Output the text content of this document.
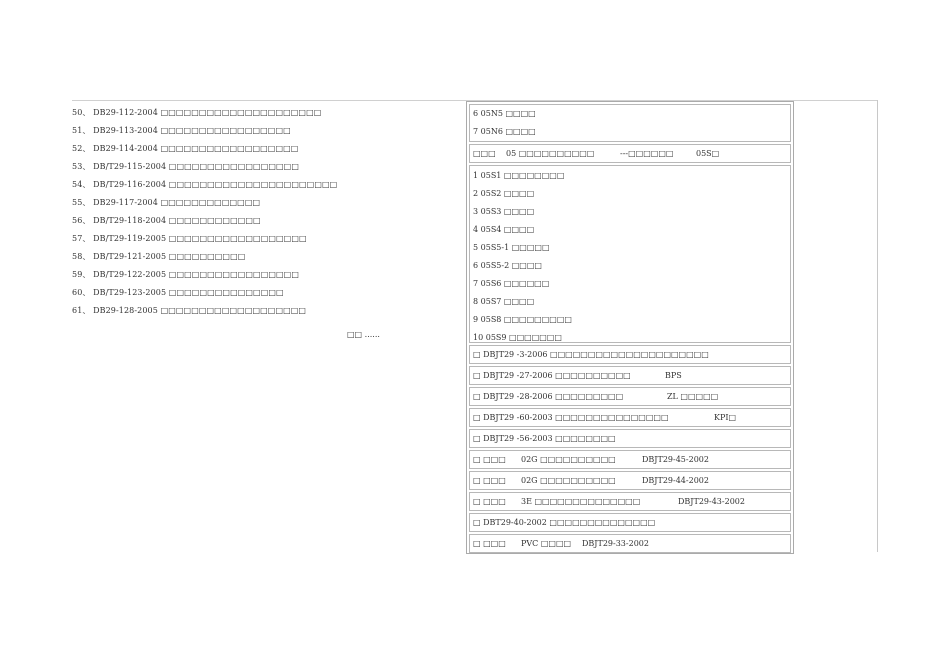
50、 DB29-112-2004 □□□□□□□□□□□□□□□□□□□□□
51、 DB29-113-2004 □□□□□□□□□□□□□□□□□
52、 DB29-114-2004 □□□□□□□□□□□□□□□□□□
53、 DB/T29-115-2004 □□□□□□□□□□□□□□□□□
54、 DB/T29-116-2004 □□□□□□□□□□□□□□□□□□□□□□
55、 DB29-117-2004 □□□□□□□□□□□□□
56、 DB/T29-118-2004 □□□□□□□□□□□□
57、 DB/T29-119-2005 □□□□□□□□□□□□□□□□□□
58、 DB/T29-121-2005 □□□□□□□□□□
59、 DB/T29-122-2005 □□□□□□□□□□□□□□□□□
60、 DB/T29-123-2005 □□□□□□□□□□□□□□□
61、 DB29-128-2005 □□□□□□□□□□□□□□□□□□□
□□ ......
6 05N5 □□□□
7 05N6 □□□□
□□□ 05 □□□□□□□□□□	---□□□□□□	05S□
1 05S1 □□□□□□□□
2 05S2 □□□□
3 05S3 □□□□
4 05S4 □□□□
5 05S5-1 □□□□□
6 05S5-2 □□□□
7 05S6 □□□□□□
8 05S7 □□□□
9 05S8 □□□□□□□□□
10 05S9 □□□□□□□
□ DBJT29 -3-2006 □□□□□□□□□□□□□□□□□□□□□
□ DBJT29 -27-2006 □□□□□□□□□□	BPS
□ DBJT29 -28-2006 □□□□□□□□□	ZL □□□□□
□ DBJT29 -60-2003 □□□□□□□□□□□□□□□	KPI□
□ DBJT29 -56-2003 □□□□□□□□
□ □□□ 02G □□□□□□□□□□	DBJT29-45-2002
□ □□□ 02G □□□□□□□□□□	DBJT29-44-2002
□ □□□ 3E □□□□□□□□□□□□□□	DBJT29-43-2002
□ DBT29-40-2002 □□□□□□□□□□□□□□
□ □□□ PVC □□□□ DBJT29-33-2002
